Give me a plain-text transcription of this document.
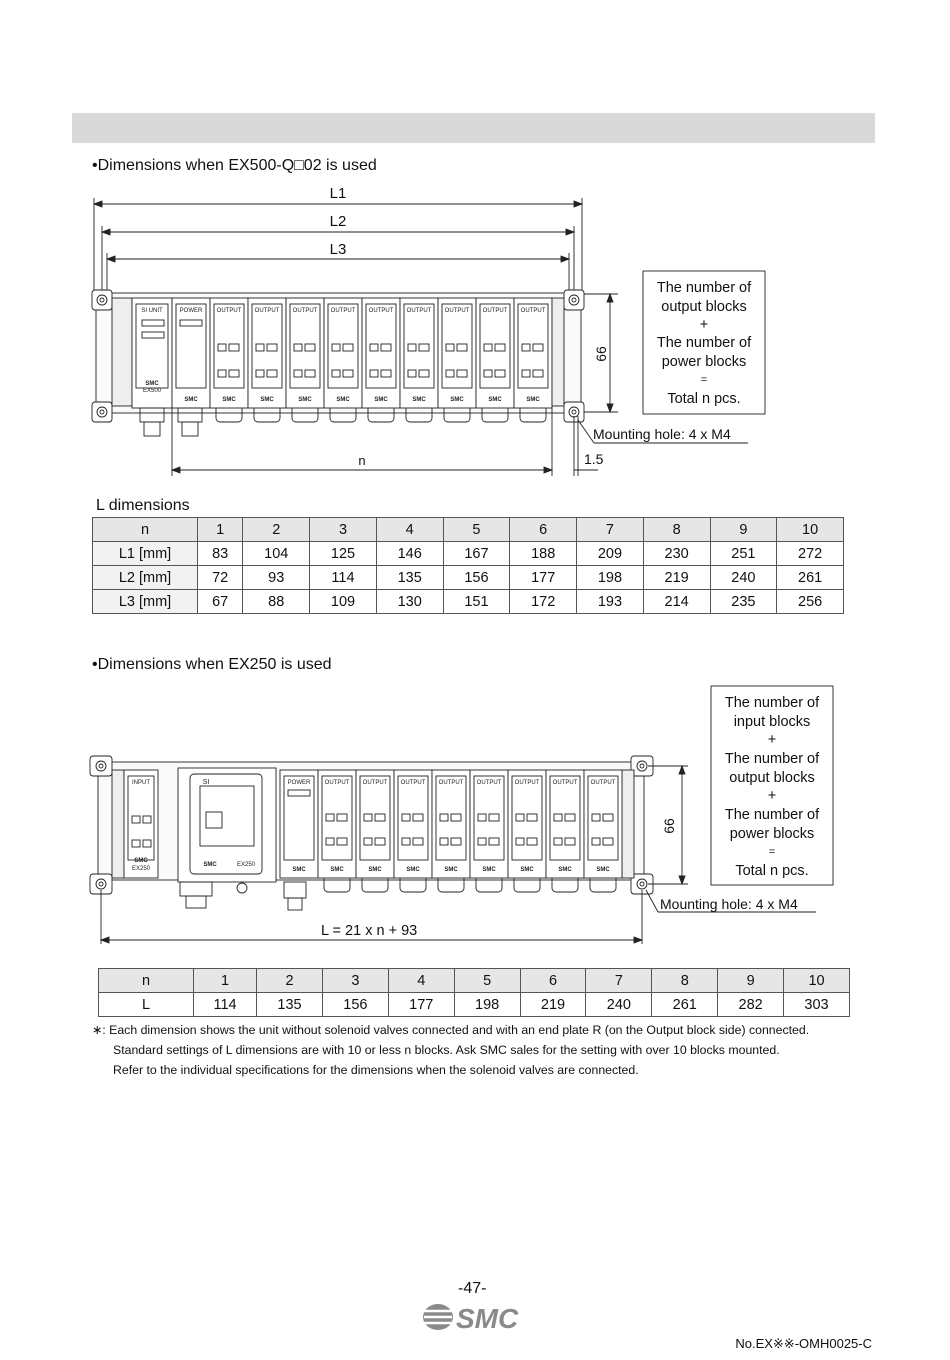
•Dimensions when EX500-Q□02 is used
L1
L2
L3
n	1.5
Mounting hole: 4 x M4
66
The number of
output blocks
+
The number of
power blocks
=
Total n pcs.
SI UNIT	POWER OUTPUT OUTPUT OUTPUT OUTPUT OUTPUT OUTPUT OUTPUT OUTPUT OUTPUT
EX500
SMC	SMC	SMC	SMC	SMC	SMC	SMC	SMC	SMC	SMC
SMC
L dimensions
n	1	2	3	4	5	6	7	8	9	10
L1 [mm]	83	104	125	146	167	188	209	230	251	272
L2 [mm]	72	93	114	135	156	177	198	219	240	261
L3 [mm]	67	88	109	130	151	172	193	214	235	256
•Dimensions when EX250 is used
L = 21 x n + 93
Mounting hole: 4 x M4
66
The number of
input blocks
+
The number of
output blocks
+
The number of
power blocks
=
Total n pcs.
INPUT	SI	POWER OUTPUT OUTPUT OUTPUT OUTPUT OUTPUT OUTPUT OUTPUT OUTPUT
EX250
EX250
SMC
SMC
SMC	SMC	SMC	SMC	SMC	SMC	SMC	SMC	SMC
n	1	2	3	4	5	6	7	8	9	10
L	114	135	156	177	198	219	240	261	282	303
∗: Each dimension shows the unit without solenoid valves connected and with an end plate R (on the Output block side) connected.
Standard settings of L dimensions are with 10 or less n blocks. Ask SMC sales for the setting with over 10 blocks mounted.
Refer to the individual specifications for the dimensions when the solenoid valves are connected.
-47-
SMC
No.EX※※-OMH0025-C
